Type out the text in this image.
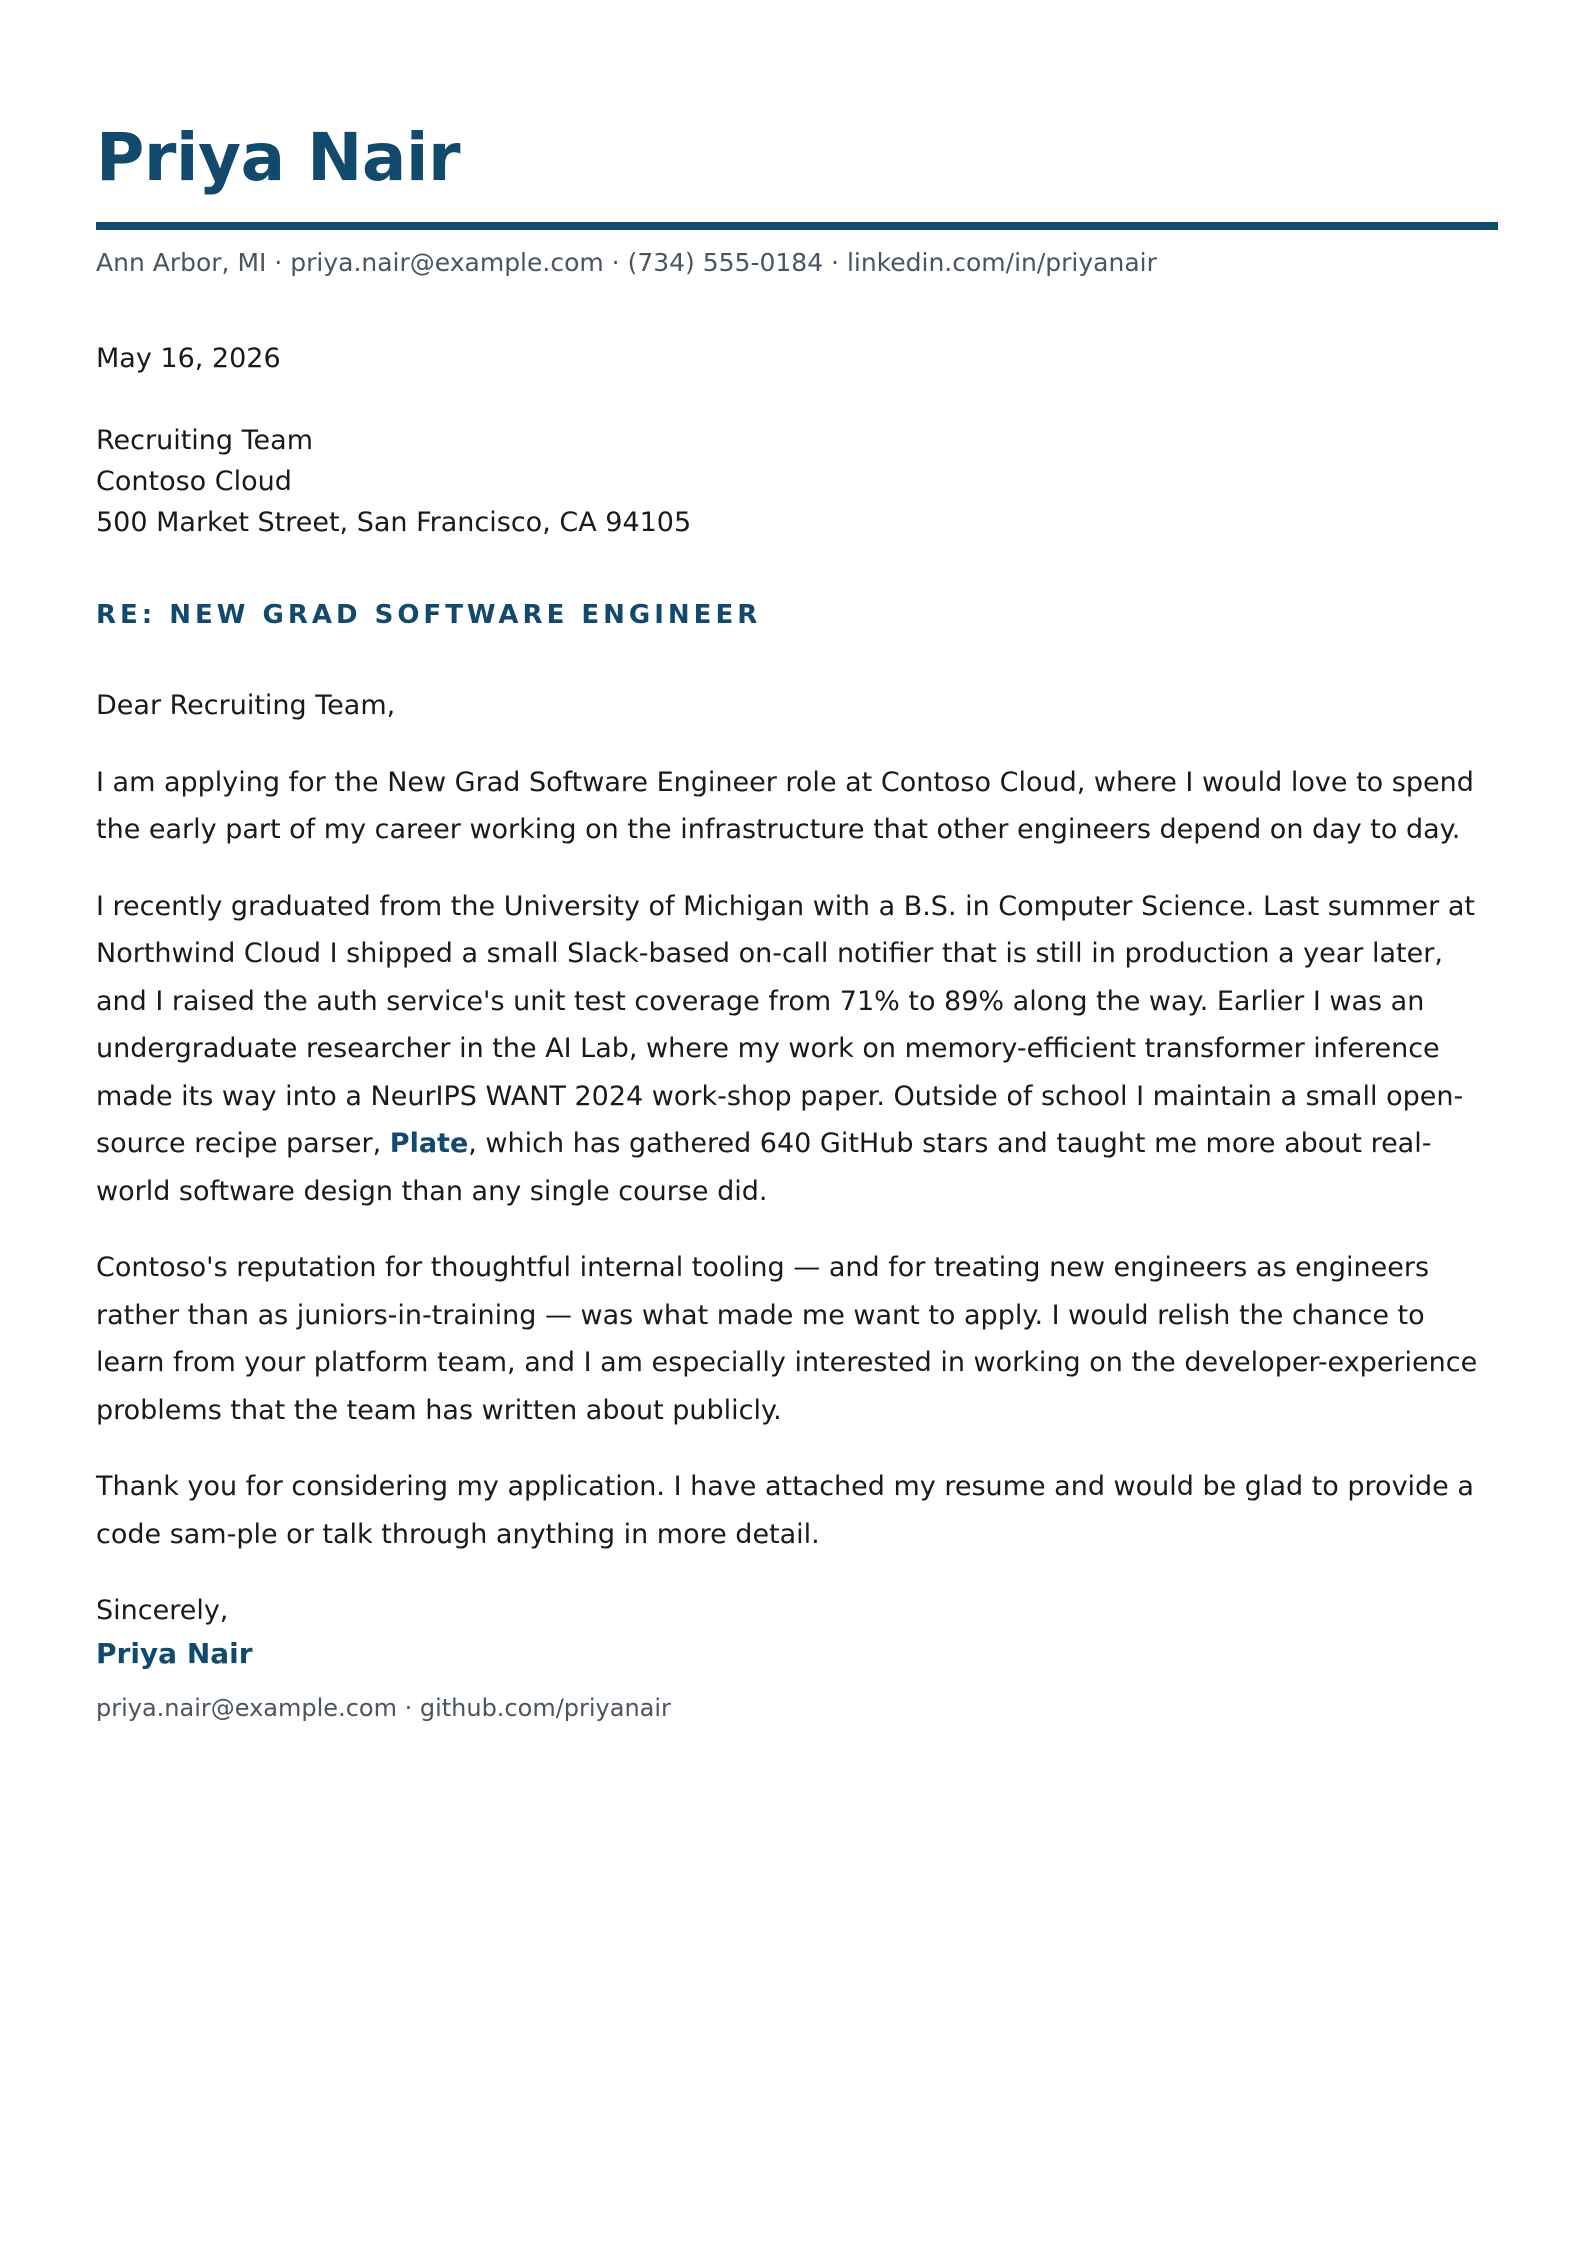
Priya Nair
Ann Arbor, MI · priya.nair@example.com · (734) 555-0184 · linkedin.com/in/priyanair
May 16, 2026
Recruiting Team
Contoso Cloud
500 Market Street, San Francisco, CA 94105
RE: NEW GRAD SOFTWARE ENGINEER

Dear Recruiting Team,

I am applying for the New Grad Software Engineer role at Contoso Cloud, where I would love to spend the early part of my career working on the infrastructure that other engineers depend on day to day.

I recently graduated from the University of Michigan with a B.S. in Computer Science. Last summer at Northwind Cloud I shipped a small Slack-based on-call notifier that is still in production a year later, and I raised the auth service's unit test coverage from 71% to 89% along the way. Earlier I was an undergraduate researcher in the AI Lab, where my work on memory-efficient transformer inference made its way into a NeurIPS WANT 2024 work-shop paper. Outside of school I maintain a small open-source recipe parser, Plate, which has gathered 640 GitHub stars and taught me more about real-world software design than any single course did.

Contoso's reputation for thoughtful internal tooling — and for treating new engineers as engineers rather than as juniors-in-training — was what made me want to apply. I would relish the chance to learn from your platform team, and I am especially interested in working on the developer-experience problems that the team has written about publicly.

Thank you for considering my application. I have attached my resume and would be glad to provide a code sam-ple or talk through anything in more detail.

Sincerely,

Priya Nair
priya.nair@example.com · github.com/priyanair
